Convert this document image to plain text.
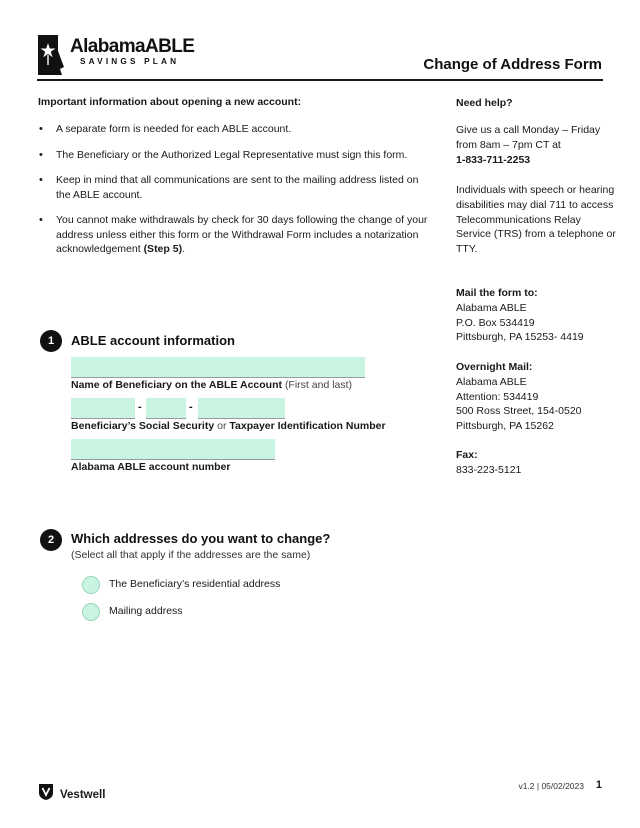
AlabamaABLE
SAVINGS PLAN	Change of Address Form
Important information about opening a new account:
• A separate form is needed for each ABLE account.
• The Beneficiary or the Authorized Legal Representative must sign this form.
• Keep in mind that all communications are sent to the mailing address listed on the ABLE account.
• You cannot make withdrawals by check for 30 days following the change of your address unless either this form or the Withdrawal Form includes a notarization acknowledgement (Step 5).
Need help?
Give us a call Monday – Friday from 8am – 7pm CT at
1-833-711-2253
Individuals with speech or hearing disabilities may dial 711 to access Telecommunications Relay Service (TRS) from a telephone or TTY.
Mail the form to:
Alabama ABLE
P.O. Box 534419
Pittsburgh, PA 15253- 4419
Overnight Mail:
Alabama ABLE
Attention: 534419
500 Ross Street, 154-0520
Pittsburgh, PA 15262
Fax:
833-223-5121
1	ABLE account information
Name of Beneficiary on the ABLE Account (First and last)
-	-
Beneficiary’s Social Security or Taxpayer Identification Number
Alabama ABLE account number
2	Which addresses do you want to change?
(Select all that apply if the addresses are the same)
The Beneficiary’s residential address
Mailing address
Vestwell
v1.2 | 05/02/2023 1
